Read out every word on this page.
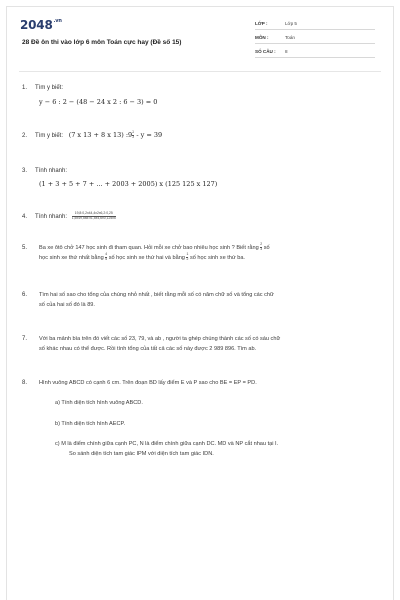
$2048^{.vn}$
28 Đề ôn thi vào lớp 6 môn Toán cực hay (Đề số 15)
LỚP :	Lớp 5
MÔN :	Toán
SỐ CÂU : 8
1. Tìm y biết:
y − 6 : 2 − (48 − 24 x 2 : 6 − 3) = 0
2. Tìm y biết: (7 x 13 + 8 x 13) :9 $\frac{2}{3} - y = 39$
3. Tính nhanh:
(1 + 3 + 5 + 7 + ... + 2003 + 2005) x (125 125 x 127)
4. Tính nhanh: $\frac{19,8:0,2x44,4x2x6,2:0,25}{1,5x49,5x8:x1,5x4,6x0,125x5}$
5.	Ba xe ôtô chở 147 học sinh đi tham quan. Hỏi mỗi xe chở bao nhiêu học sinh ? Biết rằng $\frac{2}{3}$ số
học sinh xe thứ nhất bằng $\frac{4}{5}$ số học sinh xe thứ hai và bằng $\frac{1}{2}$ số học sinh xe thứ ba.
6.	Tìm hai số sao cho tổng của chúng nhỏ nhất , biết rằng mỗi số có năm chữ số và tổng các chữ
số của hai số đó là 89.
7.	Với ba mảnh bìa trên đó viết các số 23, 79, và ab , người ta ghép chúng thành các số có sáu chữ
số khác nhau có thể được. Rồi tính tổng của tất cả các số này được 2 989 896. Tìm ab.
8.	Hình vuông ABCD có cạnh 6 cm. Trên đoạn BD lấy điểm E và P sao cho BE = EP = PD.
a) Tính diện tích hình vuông ABCD.
b) Tính diện tích hình AECP.
c) M là điểm chính giữa cạnh PC, N là điểm chính giữa cạnh DC. MD và NP cắt nhau tại I.
So sánh diện tích tam giác IPM với diện tích tam giác IDN.
